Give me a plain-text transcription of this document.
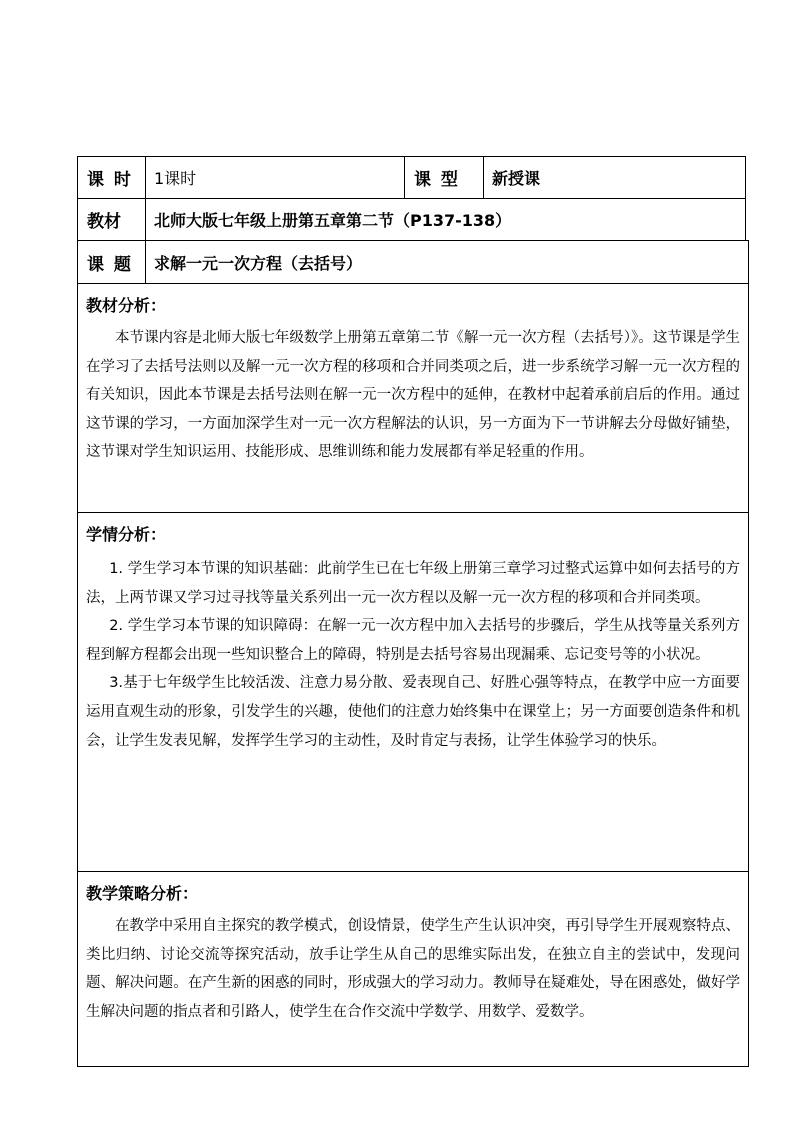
课 时 1课时	课 型 新授课
教材 北师大版七年级上册第五章第二节（P137-138）
课 题 求解一元一次方程（去括号）

教材分析：

本节课内容是北师大版七年级数学上册第五章第二节《解一元一次方程（去括号）》。这节课是学生在学习了去括号法则以及解一元一次方程的移项和合并同类项之后，进一步系统学习解一元一次方程的有关知识，因此本节课是去括号法则在解一元一次方程中的延伸，在教材中起着承前启后的作用。通过这节课的学习，一方面加深学生对一元一次方程解法的认识，另一方面为下一节讲解去分母做好铺垫，这节课对学生知识运用、技能形成、思维训练和能力发展都有举足轻重的作用。

学情分析：

1. 学生学习本节课的知识基础：此前学生已在七年级上册第三章学习过整式运算中如何去括号的方法，上两节课又学习过寻找等量关系列出一元一次方程以及解一元一次方程的移项和合并同类项。

2. 学生学习本节课的知识障碍：在解一元一次方程中加入去括号的步骤后，学生从找等量关系列方程到解方程都会出现一些知识整合上的障碍，特别是去括号容易出现漏乘、忘记变号等的小状况。

3.基于七年级学生比较活泼、注意力易分散、爱表现自己、好胜心强等特点，在教学中应一方面要运用直观生动的形象，引发学生的兴趣，使他们的注意力始终集中在课堂上；另一方面要创造条件和机会，让学生发表见解，发挥学生学习的主动性，及时肯定与表扬，让学生体验学习的快乐。

教学策略分析：

在教学中采用自主探究的教学模式，创设情景，使学生产生认识冲突，再引导学生开展观察特点、类比归纳、讨论交流等探究活动，放手让学生从自己的思维实际出发，在独立自主的尝试中，发现问题、解决问题。在产生新的困惑的同时，形成强大的学习动力。教师导在疑难处，导在困惑处，做好学生解决问题的指点者和引路人，使学生在合作交流中学数学、用数学、爱数学。
